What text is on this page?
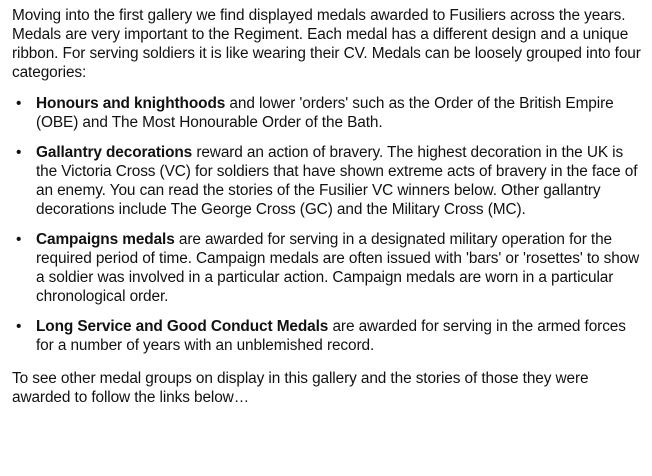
Moving into the first gallery we find displayed medals awarded to Fusiliers across the years. Medals are very important to the Regiment. Each medal has a different design and a unique ribbon. For serving soldiers it is like wearing their CV. Medals can be loosely grouped into four categories:

• Honours and knighthoods and lower 'orders' such as the Order of the British Empire (OBE) and The Most Honourable Order of the Bath.
• Gallantry decorations reward an action of bravery. The highest decoration in the UK is the Victoria Cross (VC) for soldiers that have shown extreme acts of bravery in the face of an enemy. You can read the stories of the Fusilier VC winners below. Other gallantry decorations include The George Cross (GC) and the Military Cross (MC).
• Campaigns medals are awarded for serving in a designated military operation for the required period of time. Campaign medals are often issued with 'bars' or 'rosettes' to show a soldier was involved in a particular action. Campaign medals are worn in a particular chronological order.
• Long Service and Good Conduct Medals are awarded for serving in the armed forces for a number of years with an unblemished record.

To see other medal groups on display in this gallery and the stories of those they were awarded to follow the links below…
